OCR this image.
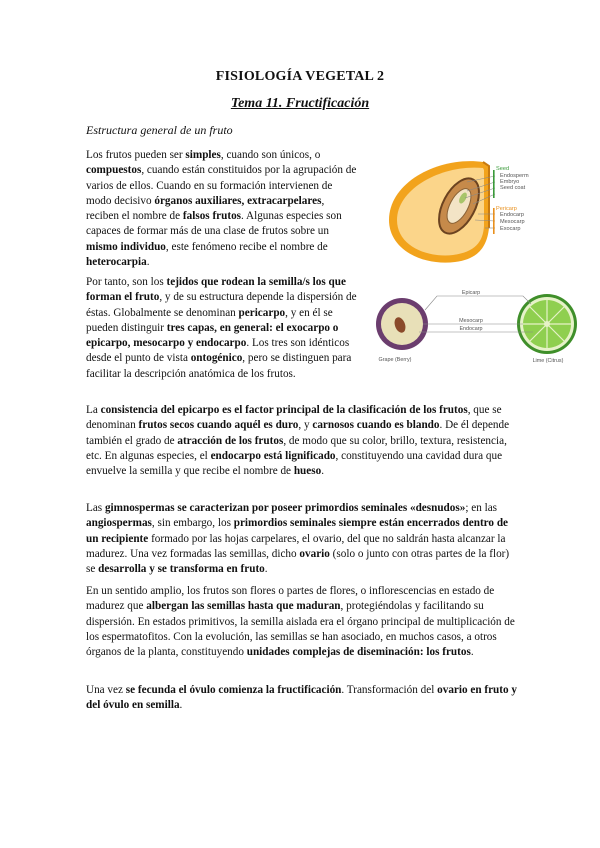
FISIOLOGÍA VEGETAL 2
Tema 11. Fructificación
Estructura general de un fruto

Los frutos pueden ser simples, cuando son únicos, o compuestos, cuando están constituidos por la agrupación de varios de ellos. Cuando en su formación intervienen de modo decisivo órganos auxiliares, extracarpelares, reciben el nombre de falsos frutos. Algunas especies son capaces de formar más de una clase de frutos sobre un mismo individuo, este fenómeno recibe el nombre de heterocarpia.

Por tanto, son los tejidos que rodean la semilla/s los que forman el fruto, y de su estructura depende la dispersión de éstas. Globalmente se denominan pericarpo, y en él se pueden distinguir tres capas, en general: el exocarpo o epicarpo, mesocarpo y endocarpo. Los tres son idénticos desde el punto de vista ontogénico, pero se distinguen para facilitar la descripción anatómica de los frutos.

La consistencia del epicarpo es el factor principal de la clasificación de los frutos, que se denominan frutos secos cuando aquél es duro, y carnosos cuando es blando. De él depende también el grado de atracción de los frutos, de modo que su color, brillo, textura, resistencia, etc. En algunas especies, el endocarpo está lignificado, constituyendo una cavidad dura que envuelve la semilla y que recibe el nombre de hueso.

Las gimnospermas se caracterizan por poseer primordios seminales «desnudos»; en las angiospermas, sin embargo, los primordios seminales siempre están encerrados dentro de un recipiente formado por las hojas carpelares, el ovario, del que no saldrán hasta alcanzar la madurez. Una vez formadas las semillas, dicho ovario (solo o junto con otras partes de la flor) se desarrolla y se transforma en fruto.

En un sentido amplio, los frutos son flores o partes de flores, o inflorescencias en estado de madurez que albergan las semillas hasta que maduran, protegiéndolas y facilitando su dispersión. En estados primitivos, la semilla aislada era el órgano principal de multiplicación de los espermatofitos. Con la evolución, las semillas se han asociado, en muchos casos, a otros órganos de la planta, constituyendo unidades complejas de diseminación: los frutos.

Una vez se fecunda el óvulo comienza la fructificación. Transformación del ovario en fruto y del óvulo en semilla.

Seed
Endosperm
Embryo
Seed coat
Pericarp
Endocarp
Mesocarp
Exocarp
Epicarp
Mesocarp
Endocarp
Grape (Berry)	Lime (Citrus)
